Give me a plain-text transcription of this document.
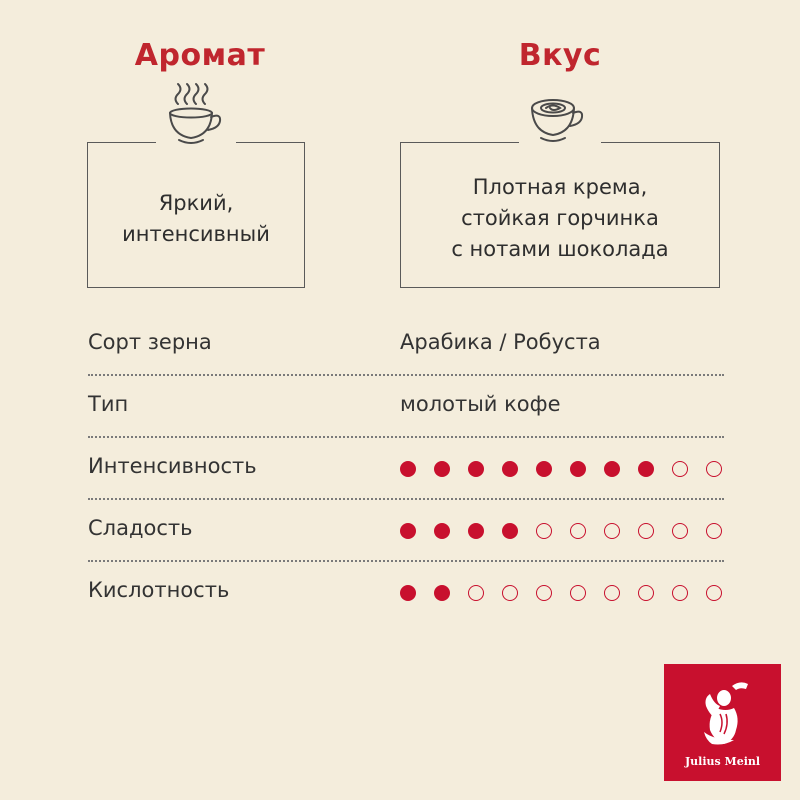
Аромат
Яркий,
интенсивный
Вкус
Плотная крема,
стойкая горчинка
с нотами шоколада
Сорт зерна	Арабика / Робуста
Тип	молотый кофе
Интенсивность
Сладость
Кислотность
Julius Meinl
